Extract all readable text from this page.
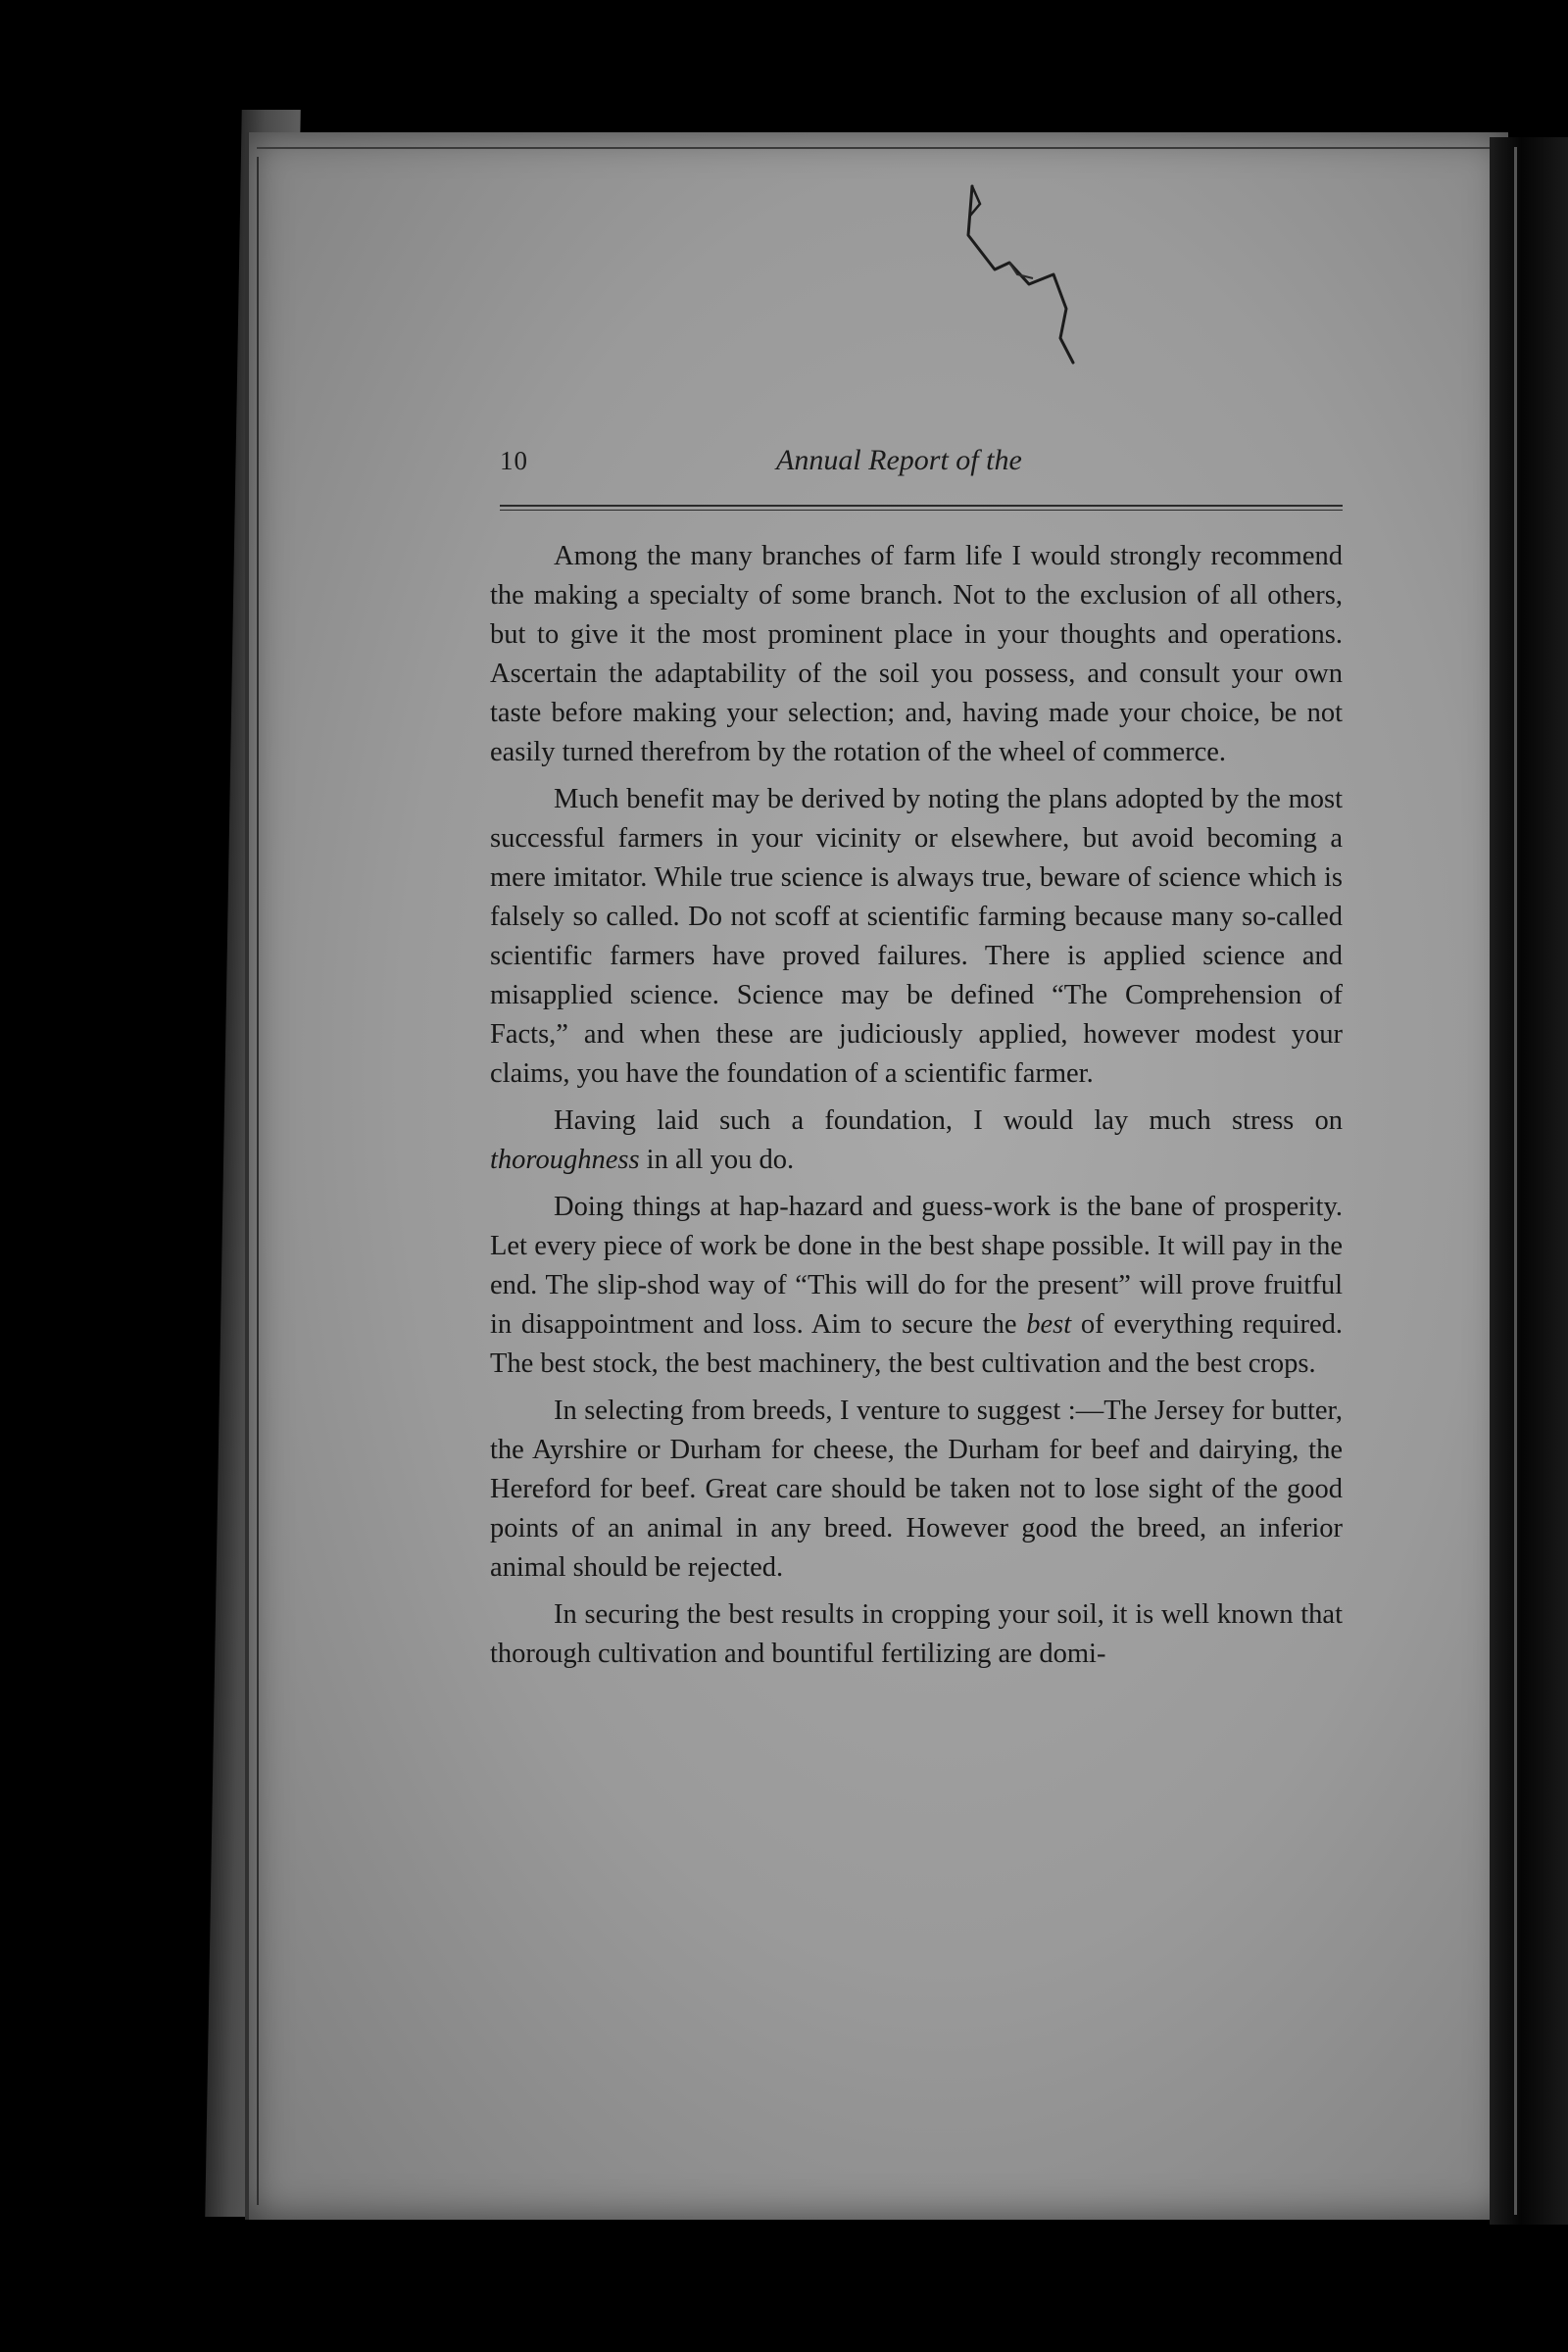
10	Annual Report of the

Among the many branches of farm life I would strongly recommend the making a specialty of some branch. Not to the exclusion of all others, but to give it the most prominent place in your thoughts and operations. Ascertain the adaptability of the soil you possess, and consult your own taste before making your selection; and, having made your choice, be not easily turned therefrom by the rotation of the wheel of commerce.

Much benefit may be derived by noting the plans adopted by the most successful farmers in your vicinity or elsewhere, but avoid becoming a mere imitator. While true science is always true, beware of science which is falsely so called. Do not scoff at scientific farming because many so-called scientific farmers have proved failures. There is applied science and misapplied science. Science may be defined “The Comprehension of Facts,” and when these are judiciously applied, however modest your claims, you have the foundation of a scientific farmer.

Having laid such a foundation, I would lay much stress on thoroughness in all you do.

Doing things at hap-hazard and guess-work is the bane of prosperity. Let every piece of work be done in the best shape possible. It will pay in the end. The slip-shod way of “This will do for the present” will prove fruitful in disappointment and loss. Aim to secure the best of everything required. The best stock, the best machinery, the best cultivation and the best crops.

In selecting from breeds, I venture to suggest :—The Jersey for butter, the Ayrshire or Durham for cheese, the Durham for beef and dairying, the Hereford for beef. Great care should be taken not to lose sight of the good points of an animal in any breed. However good the breed, an inferior animal should be rejected.

In securing the best results in cropping your soil, it is well known that thorough cultivation and bountiful fertilizing are domi-
